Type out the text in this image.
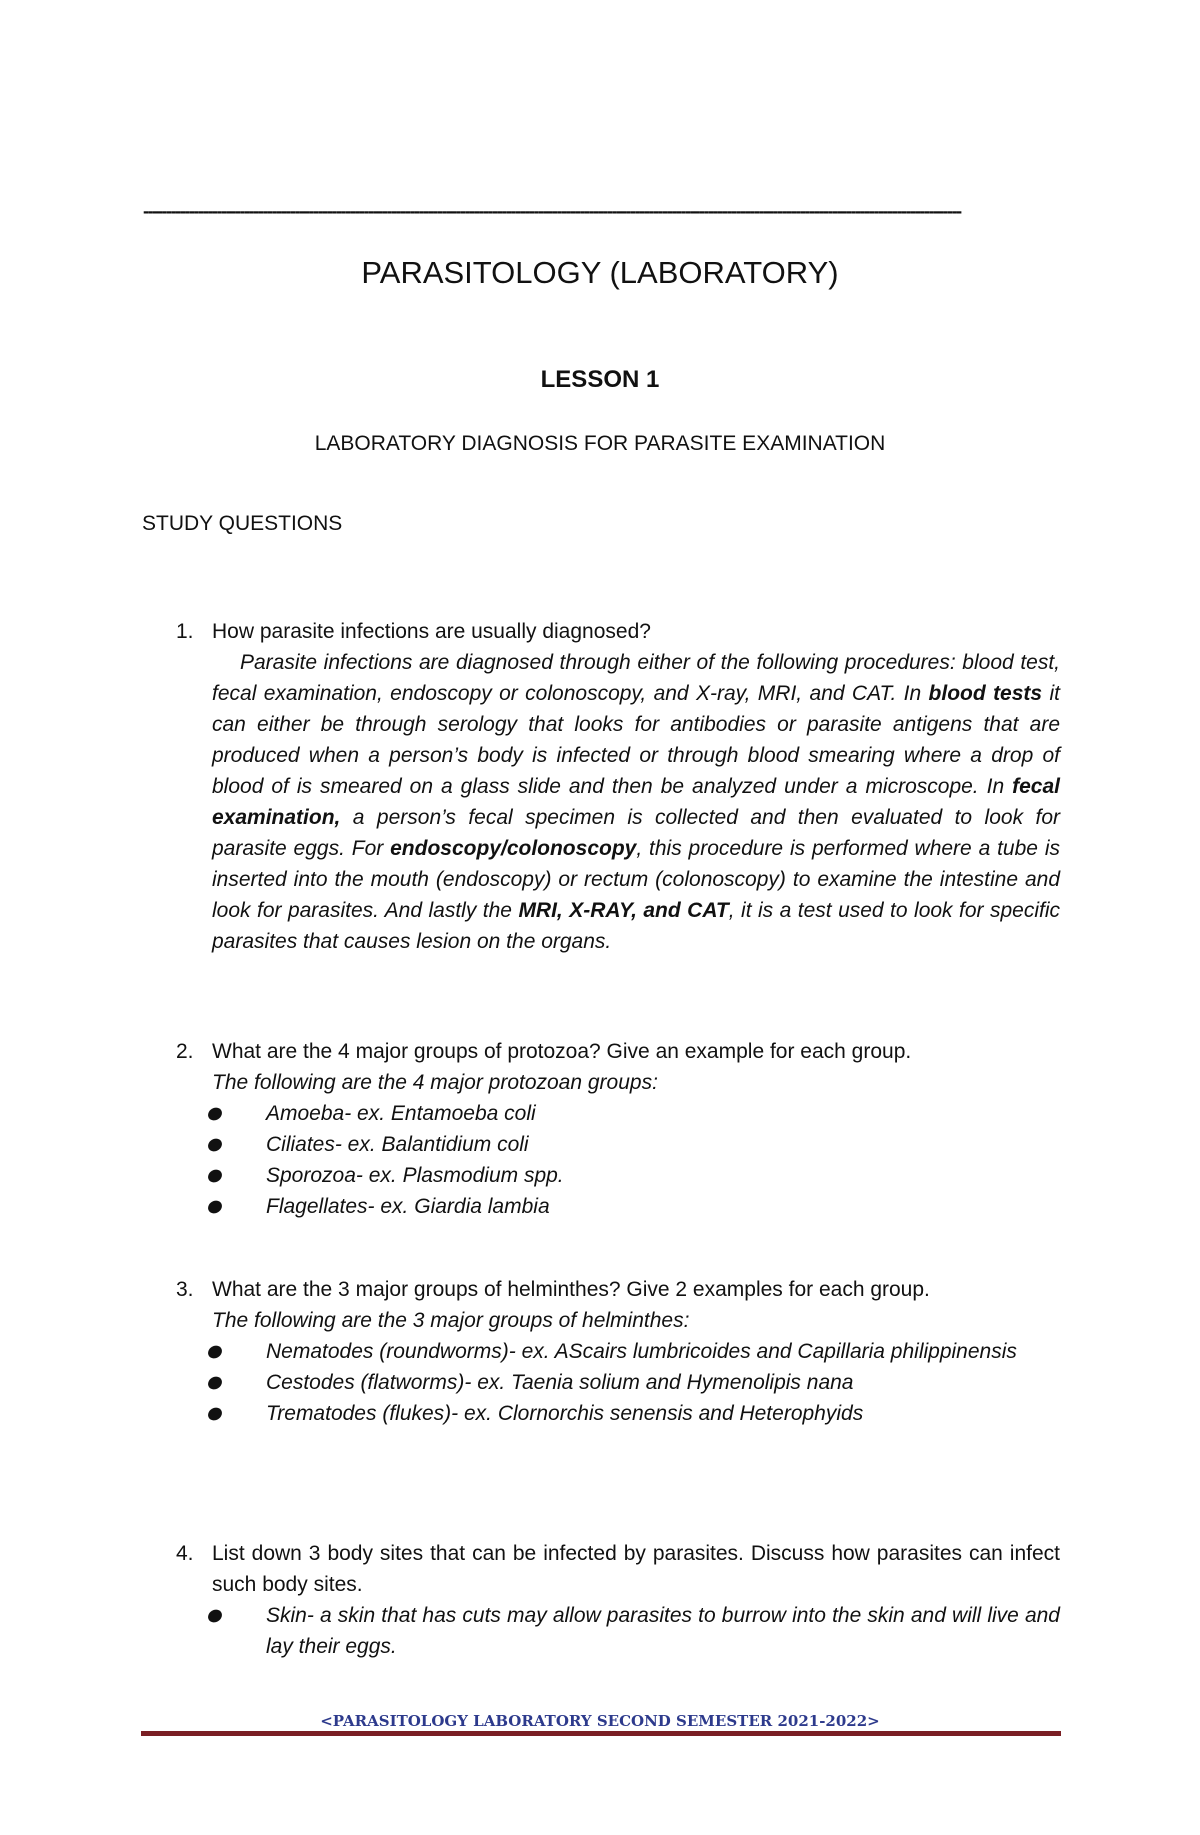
----------------------------------------------------------------------------------------------------------------------------------------------------------------------------------
PARASITOLOGY (LABORATORY)
LESSON 1
LABORATORY DIAGNOSIS FOR PARASITE EXAMINATION
STUDY QUESTIONS
1. How parasite infections are usually diagnosed?
Parasite infections are diagnosed through either of the following procedures: blood test, fecal examination, endoscopy or colonoscopy, and X-ray, MRI, and CAT. In blood tests it can either be through serology that looks for antibodies or parasite antigens that are produced when a person’s body is infected or through blood smearing where a drop of blood of is smeared on a glass slide and then be analyzed under a microscope. In fecal examination, a person’s fecal specimen is collected and then evaluated to look for parasite eggs. For endoscopy/colonoscopy, this procedure is performed where a tube is inserted into the mouth (endoscopy) or rectum (colonoscopy) to examine the intestine and look for parasites. And lastly the MRI, X-RAY, and CAT, it is a test used to look for specific parasites that causes lesion on the organs.
2. What are the 4 major groups of protozoa? Give an example for each group.
The following are the 4 major protozoan groups:
Amoeba- ex. Entamoeba coli
Ciliates- ex. Balantidium coli
Sporozoa- ex. Plasmodium spp.
Flagellates- ex. Giardia lambia
3. What are the 3 major groups of helminthes? Give 2 examples for each group.
The following are the 3 major groups of helminthes:
Nematodes (roundworms)- ex. AScairs lumbricoides and Capillaria philippinensis
Cestodes (flatworms)- ex. Taenia solium and Hymenolipis nana
Trematodes (flukes)- ex. Clornorchis senensis and Heterophyids
4. List down 3 body sites that can be infected by parasites. Discuss how parasites can infect such body sites.
Skin- a skin that has cuts may allow parasites to burrow into the skin and will live and lay their eggs.
<PARASITOLOGY LABORATORY SECOND SEMESTER 2021-2022>
